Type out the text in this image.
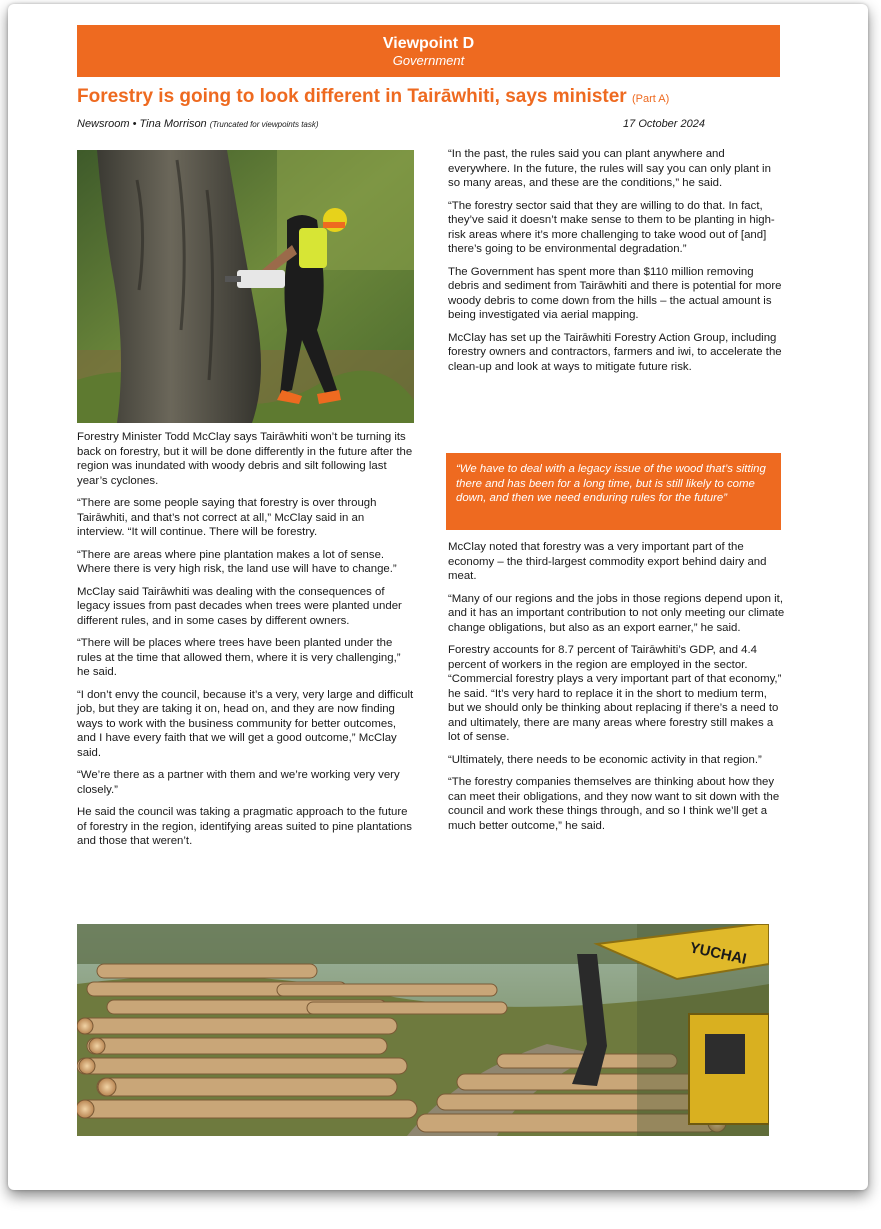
Viewpoint D
Government
Forestry is going to look different in Tairāwhiti, says minister (Part A)
Newsroom • Tina Morrison (Truncated for viewpoints task)	17 October 2024

Forestry Minister Todd McClay says Tairāwhiti won’t be turning its back on forestry, but it will be done differently in the future after the region was inundated with woody debris and silt following last year’s cyclones.

“There are some people saying that forestry is over through Tairāwhiti, and that’s not correct at all,” McClay said in an interview. “It will continue. There will be forestry.

“There are areas where pine plantation makes a lot of sense. Where there is very high risk, the land use will have to change.”

McClay said Tairāwhiti was dealing with the consequences of legacy issues from past decades when trees were planted under different rules, and in some cases by different owners.

“There will be places where trees have been planted under the rules at the time that allowed them, where it is very challenging,” he said.

“I don’t envy the council, because it’s a very, very large and difficult job, but they are taking it on, head on, and they are now finding ways to work with the business community for better outcomes, and I have every faith that we will get a good outcome,” McClay said.

“We’re there as a partner with them and we’re working very very closely.”

He said the council was taking a pragmatic approach to the future of forestry in the region, identifying areas suited to pine plantations and those that weren’t.

“In the past, the rules said you can plant anywhere and everywhere. In the future, the rules will say you can only plant in so many areas, and these are the conditions,” he said.

“The forestry sector said that they are willing to do that. In fact, they’ve said it doesn’t make sense to them to be planting in high-risk areas where it’s more challenging to take wood out of [and] there’s going to be environmental degradation.”

The Government has spent more than $110 million removing debris and sediment from Tairāwhiti and there is potential for more woody debris to come down from the hills – the actual amount is being investigated via aerial mapping.

McClay has set up the Tairāwhiti Forestry Action Group, including forestry owners and contractors, farmers and iwi, to accelerate the clean-up and look at ways to mitigate future risk.

“We have to deal with a legacy issue of the wood that’s sitting there and has been for a long time, but is still likely to come down, and then we need enduring rules for the future”

McClay noted that forestry was a very important part of the economy – the third-largest commodity export behind dairy and meat.

“Many of our regions and the jobs in those regions depend upon it, and it has an important contribution to not only meeting our climate change obligations, but also as an export earner,” he said.

Forestry accounts for 8.7 percent of Tairāwhiti’s GDP, and 4.4 percent of workers in the region are employed in the sector. “Commercial forestry plays a very important part of that economy,” he said. “It’s very hard to replace it in the short to medium term, but we should only be thinking about replacing if there’s a need to and ultimately, there are many areas where forestry still makes a lot of sense.

“Ultimately, there needs to be economic activity in that region.”

“The forestry companies themselves are thinking about how they can meet their obligations, and they now want to sit down with the council and work these things through, and so I think we’ll get a much better outcome,” he said.

YUCHAI
